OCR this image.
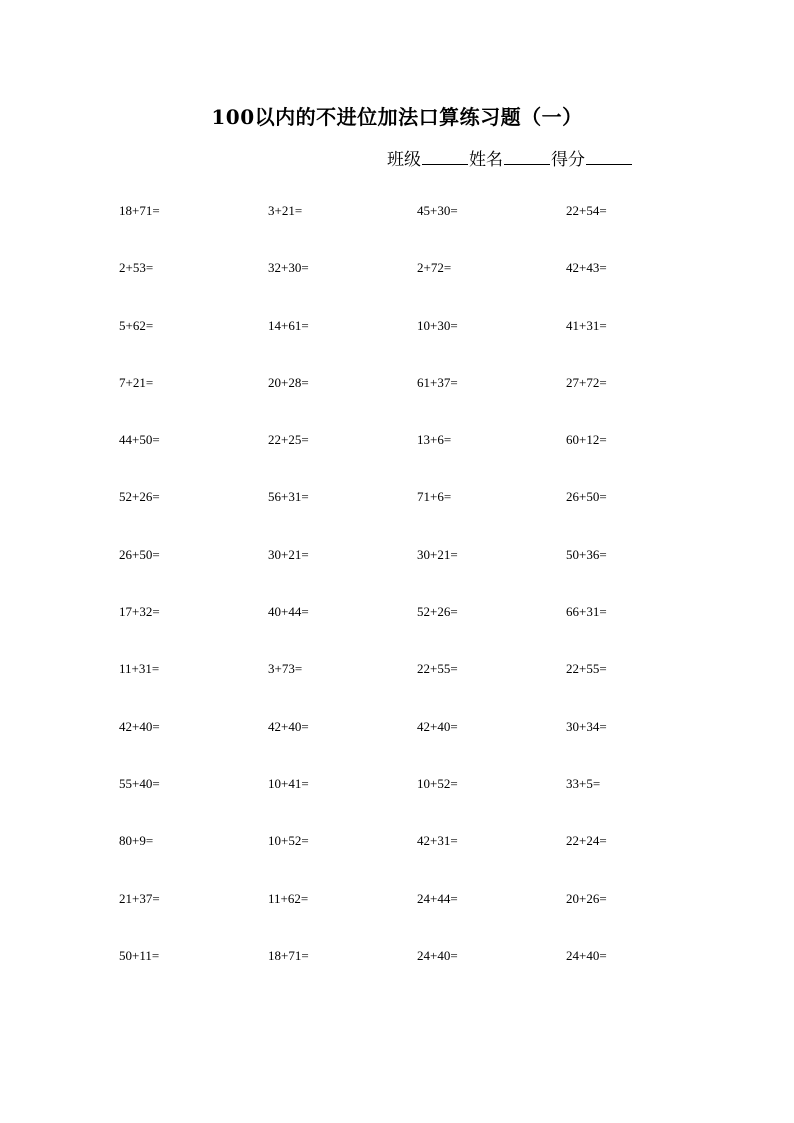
100以内的不进位加法口算练习题（一）
班级	姓名	得分
18+71=	3+21=	45+30=	22+54=
2+53=	32+30=	2+72=	42+43=
5+62=	14+61=	10+30=	41+31=
7+21=	20+28=	61+37=	27+72=
44+50=	22+25=	13+6=	60+12=
52+26=	56+31=	71+6=	26+50=
26+50=	30+21=	30+21=	50+36=
17+32=	40+44=	52+26=	66+31=
11+31=	3+73=	22+55=	22+55=
42+40=	42+40=	42+40=	30+34=
55+40=	10+41=	10+52=	33+5=
80+9=	10+52=	42+31=	22+24=
21+37=	11+62=	24+44=	20+26=
50+11=	18+71=	24+40=	24+40=
